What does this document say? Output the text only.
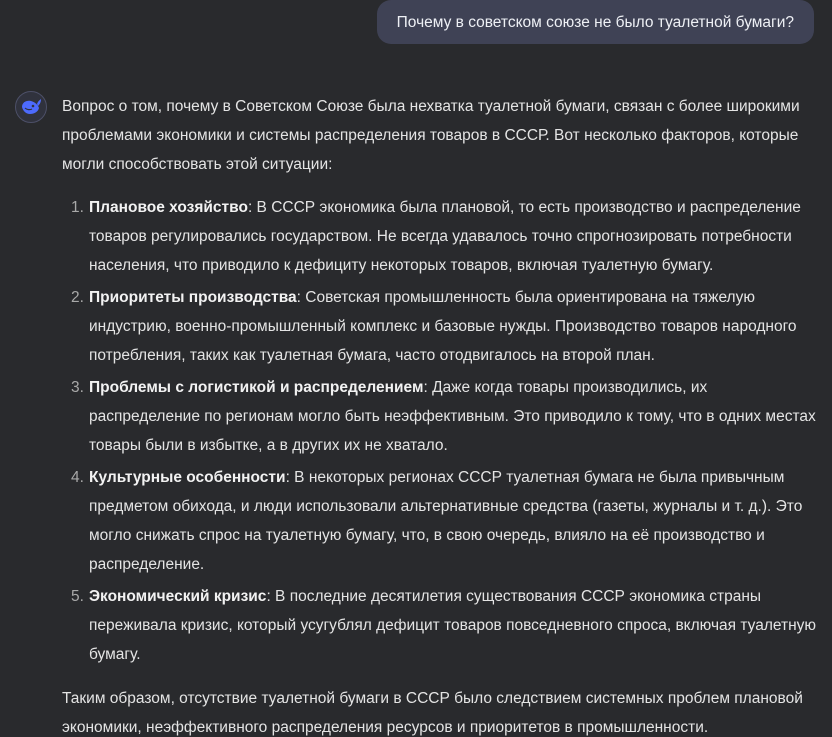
Почему в советском союзе не было туалетной бумаги?

Вопрос о том, почему в Советском Союзе была нехватка туалетной бумаги, связан с более широкими проблемами экономики и системы распределения товаров в СССР. Вот несколько факторов, которые могли способствовать этой ситуации:

1. Плановое хозяйство: В СССР экономика была плановой, то есть производство и распределение товаров регулировались государством. Не всегда удавалось точно спрогнозировать потребности населения, что приводило к дефициту некоторых товаров, включая туалетную бумагу.
2. Приоритеты производства: Советская промышленность была ориентирована на тяжелую индустрию, военно-промышленный комплекс и базовые нужды. Производство товаров народного потребления, таких как туалетная бумага, часто отодвигалось на второй план.
3. Проблемы с логистикой и распределением: Даже когда товары производились, их распределение по регионам могло быть неэффективным. Это приводило к тому, что в одних местах товары были в избытке, а в других их не хватало.
4. Культурные особенности: В некоторых регионах СССР туалетная бумага не была привычным предметом обихода, и люди использовали альтернативные средства (газеты, журналы и т. д.). Это могло снижать спрос на туалетную бумагу, что, в свою очередь, влияло на её производство и распределение.
5. Экономический кризис: В последние десятилетия существования СССР экономика страны переживала кризис, который усугублял дефицит товаров повседневного спроса, включая туалетную бумагу.

Таким образом, отсутствие туалетной бумаги в СССР было следствием системных проблем плановой экономики, неэффективного распределения ресурсов и приоритетов в промышленности.
